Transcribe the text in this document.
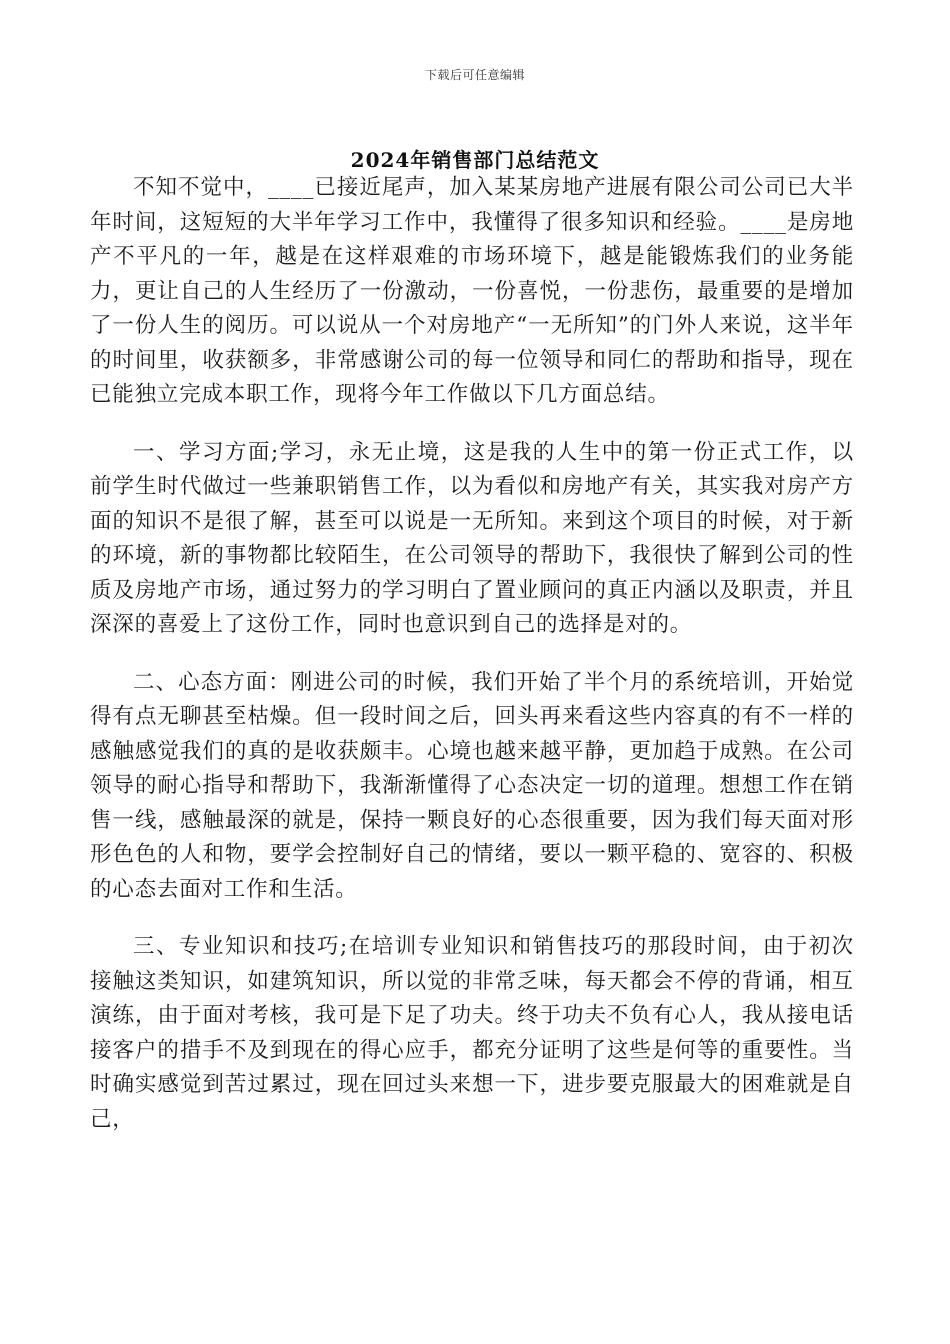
下载后可任意编辑
2024年销售部门总结范文

不知不觉中，____已接近尾声，加入某某房地产进展有限公司公司已大半年时间，这短短的大半年学习工作中，我懂得了很多知识和经验。____是房地产不平凡的一年，越是在这样艰难的市场环境下，越是能锻炼我们的业务能力，更让自己的人生经历了一份激动，一份喜悦，一份悲伤，最重要的是增加了一份人生的阅历。可以说从一个对房地产“一无所知”的门外人来说，这半年的时间里，收获额多，非常感谢公司的每一位领导和同仁的帮助和指导，现在已能独立完成本职工作，现将今年工作做以下几方面总结。

一、学习方面;学习，永无止境，这是我的人生中的第一份正式工作，以前学生时代做过一些兼职销售工作，以为看似和房地产有关，其实我对房产方面的知识不是很了解，甚至可以说是一无所知。来到这个项目的时候，对于新的环境，新的事物都比较陌生，在公司领导的帮助下，我很快了解到公司的性质及房地产市场，通过努力的学习明白了置业顾问的真正内涵以及职责，并且深深的喜爱上了这份工作，同时也意识到自己的选择是对的。

二、心态方面：刚进公司的时候，我们开始了半个月的系统培训，开始觉得有点无聊甚至枯燥。但一段时间之后，回头再来看这些内容真的有不一样的感触感觉我们的真的是收获颇丰。心境也越来越平静，更加趋于成熟。在公司领导的耐心指导和帮助下，我渐渐懂得了心态决定一切的道理。想想工作在销售一线，感触最深的就是，保持一颗良好的心态很重要，因为我们每天面对形形色色的人和物，要学会控制好自己的情绪，要以一颗平稳的、宽容的、积极的心态去面对工作和生活。

三、专业知识和技巧;在培训专业知识和销售技巧的那段时间，由于初次接触这类知识，如建筑知识，所以觉的非常乏味，每天都会不停的背诵，相互演练，由于面对考核，我可是下足了功夫。终于功夫不负有心人，我从接电话接客户的措手不及到现在的得心应手，都充分证明了这些是何等的重要性。当时确实感觉到苦过累过，现在回过头来想一下，进步要克服最大的困难就是自己，
